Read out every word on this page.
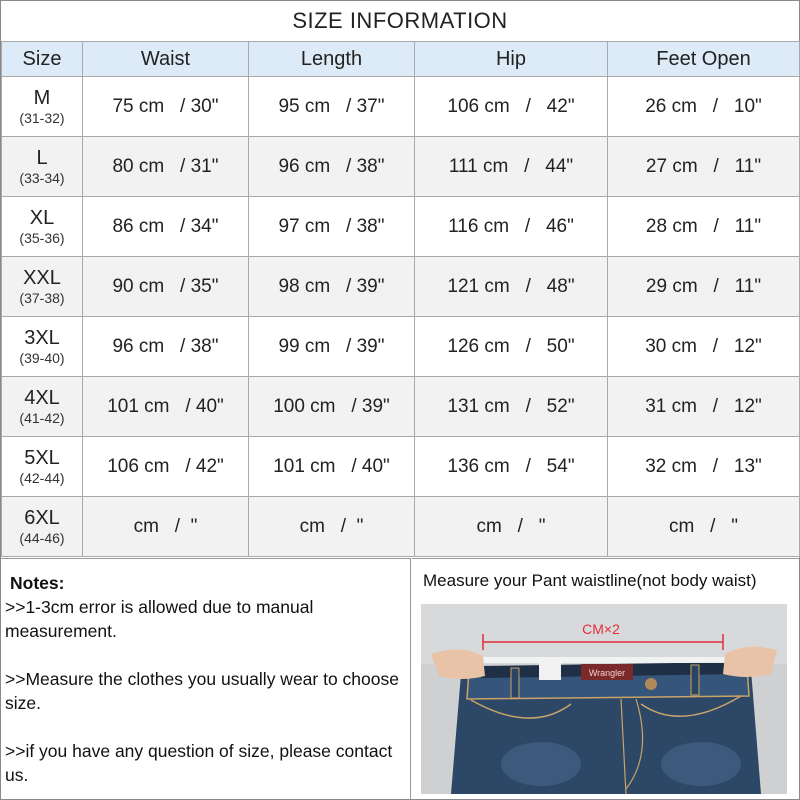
SIZE INFORMATION
Size	Waist	Length	Hip	Feet Open

M
(31-32)	75 cm   / 30"	95 cm   / 37"	106 cm   /   42"	26 cm   /   10"

L
(33-34)	80 cm   / 31"	96 cm   / 38"	111 cm   /   44"	27 cm   /   11"

XL
(35-36)	86 cm   / 34"	97 cm   / 38"	116 cm   /   46"	28 cm   /   11"

XXL
(37-38)	90 cm   / 35"	98 cm   / 39"	121 cm   /   48"	29 cm   /   11"

3XL
(39-40)	96 cm   / 38"	99 cm   / 39"	126 cm   /   50"	30 cm   /   12"

4XL
(41-42)	101 cm   / 40"	100 cm   / 39"	131 cm   /   52"	31 cm   /   12"

5XL
(42-44)	106 cm   / 42"	101 cm   / 40"	136 cm   /   54"	32 cm   /   13"

6XL
(44-46)	cm   /  "	cm   /  "	cm   /   "	cm   /   "
Notes:

>>1-3cm error is allowed due to manual measurement.

>>Measure the clothes you usually wear to choose size.

>>if you have any question of size, please contact us.

Measure your Pant waistline(not body waist)
Wrangler
CM×2
